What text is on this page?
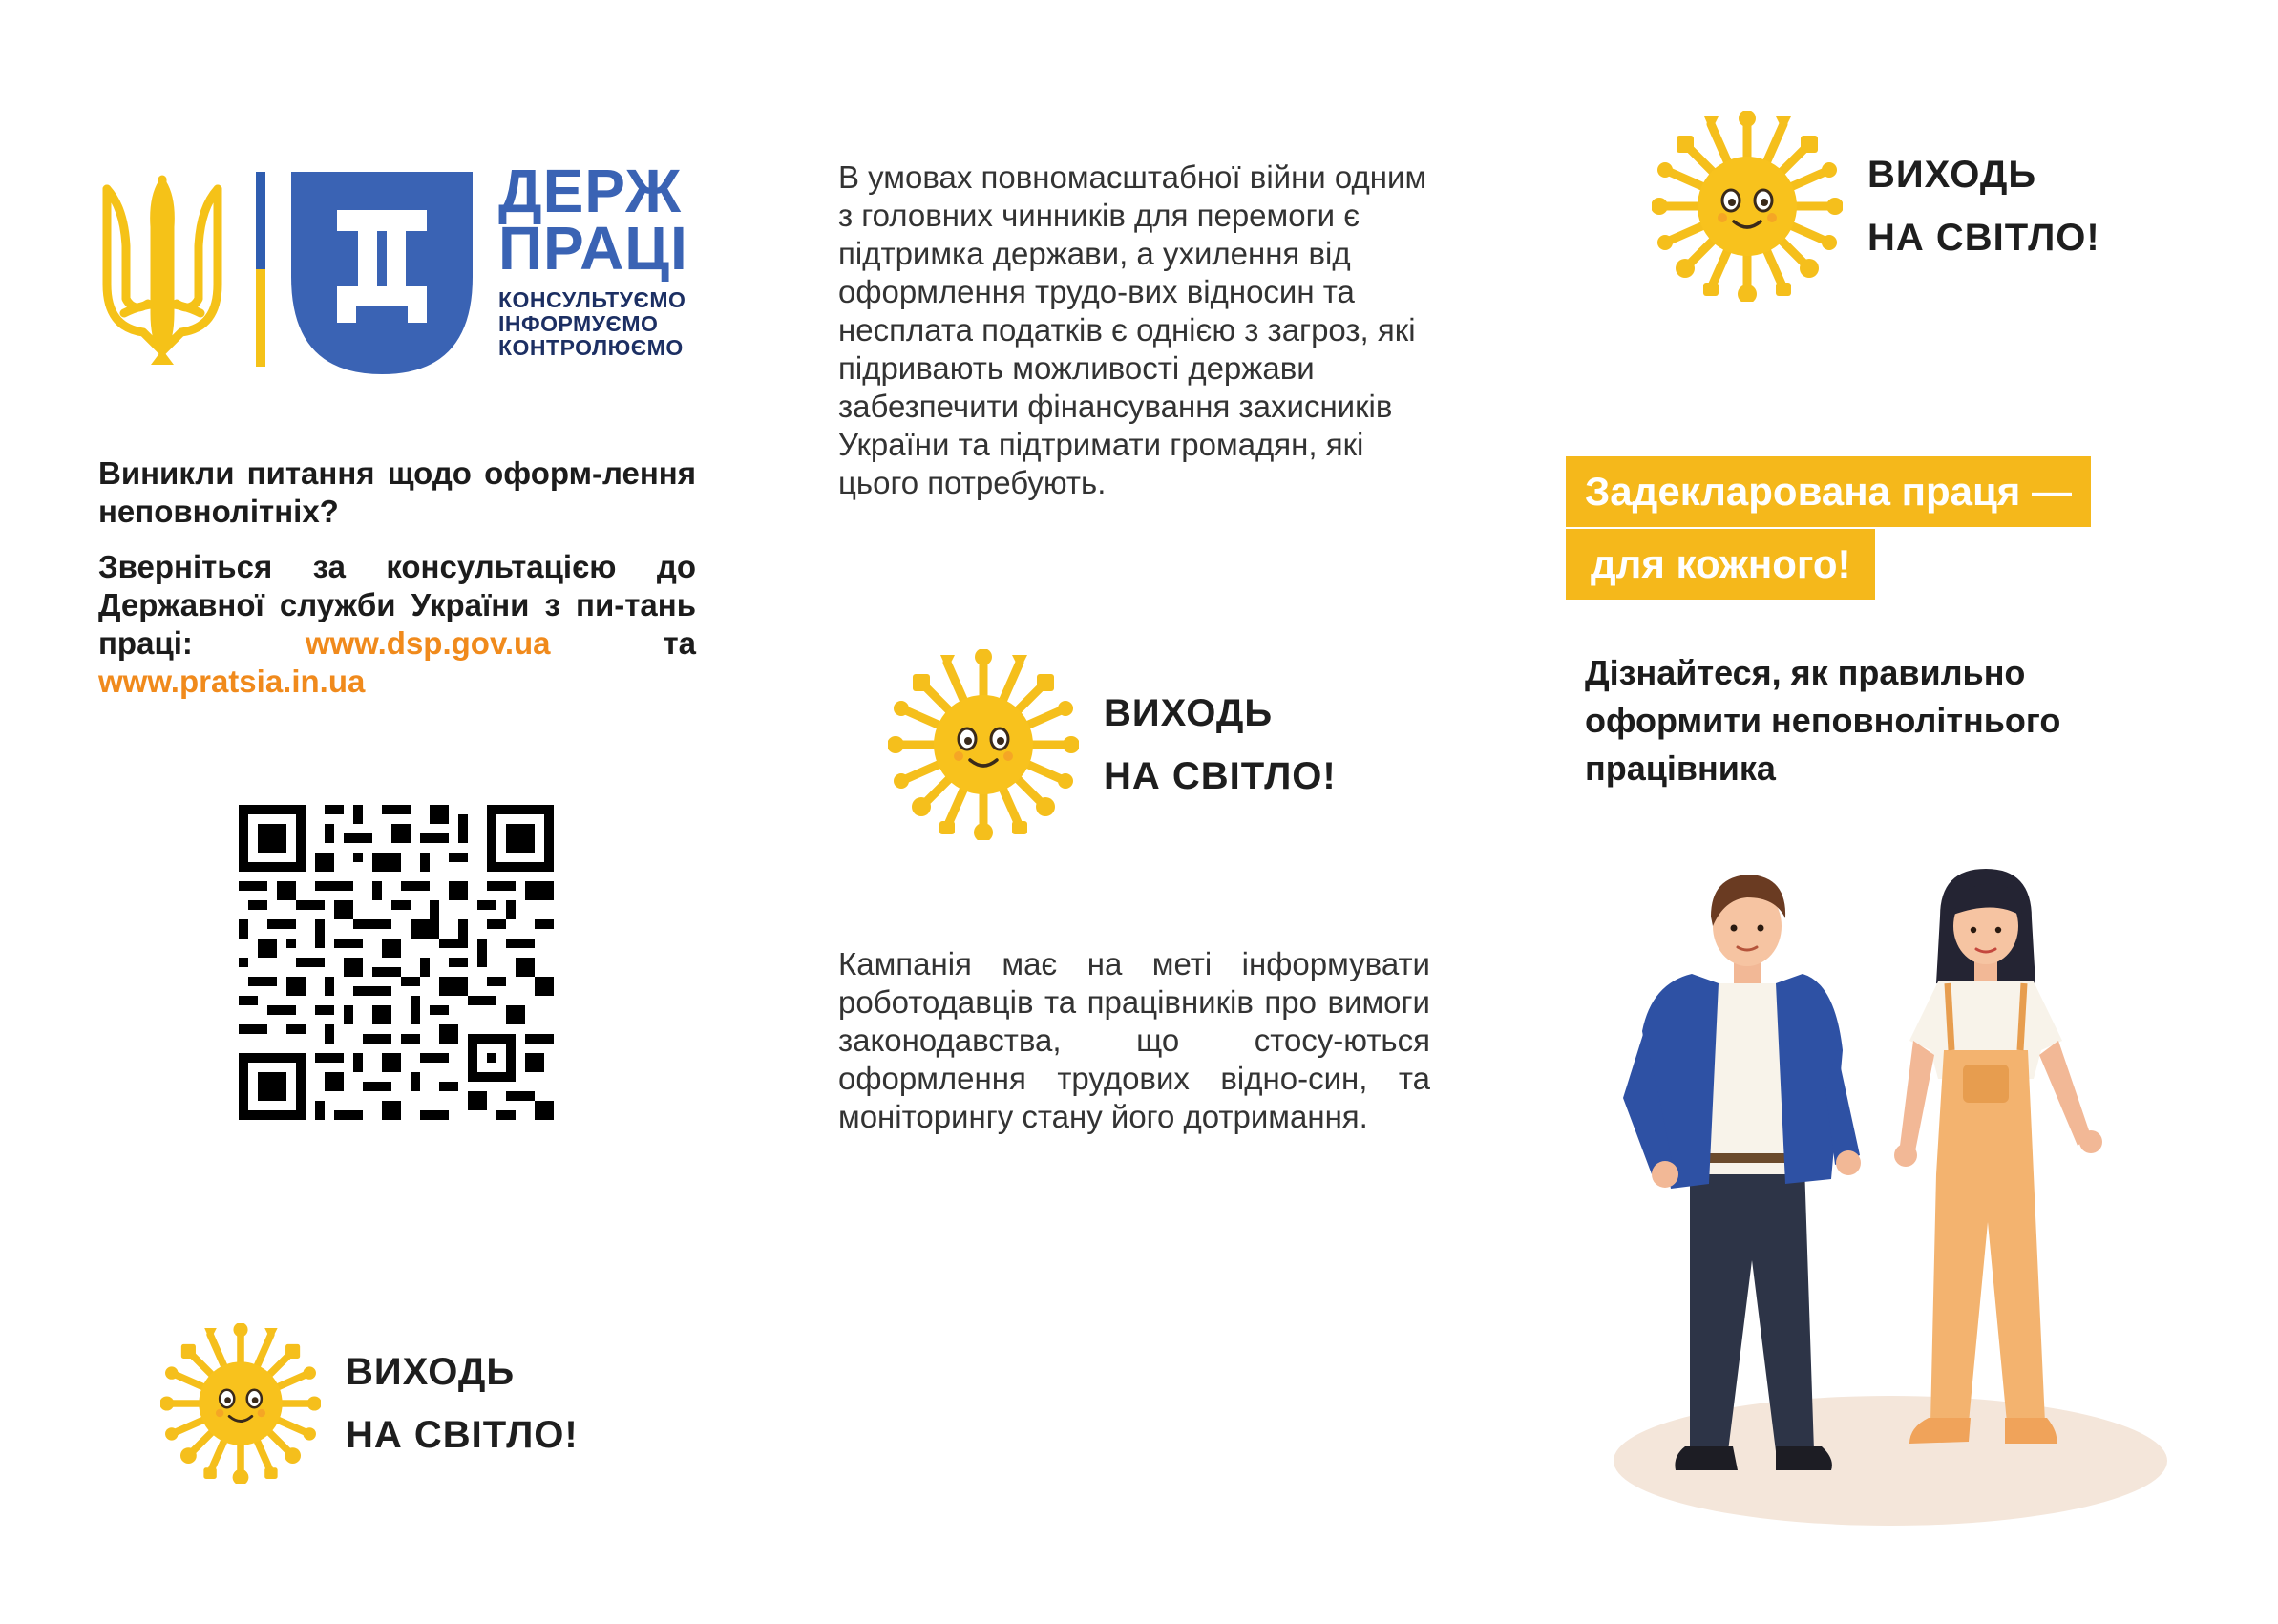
ДЕРЖ
ПРАЦІ
КОНСУЛЬТУЄМО
ІНФОРМУЄМО
КОНТРОЛЮЄМО

Виникли питання щодо оформ-лення неповнолітніх?

Зверніться за консультацією до Державної служби України з пи-тань праці:	www.dsp.gov.ua	та www.pratsia.in.ua

ВИХОДЬ
НА СВІТЛО!
В умовах повномасштабної війни одним з головних чинників для перемоги є підтримка держави, а ухилення від оформлення трудо-вих відносин та несплата податків є однією з загроз, які підривають можливості держави забезпечити фінансування захисників України та підтримати громадян, які цього потребують.
ВИХОДЬ
НА СВІТЛО!
Кампанія має на меті інформувати роботодавців та працівників про вимоги законодавства, що стосу-ються оформлення трудових відно-син, та моніторингу стану його дотримання.
ВИХОДЬ
НА СВІТЛО!
Задекларована праця —
для кожного!
Дізнайтеся, як правильно оформити неповнолітнього працівника
